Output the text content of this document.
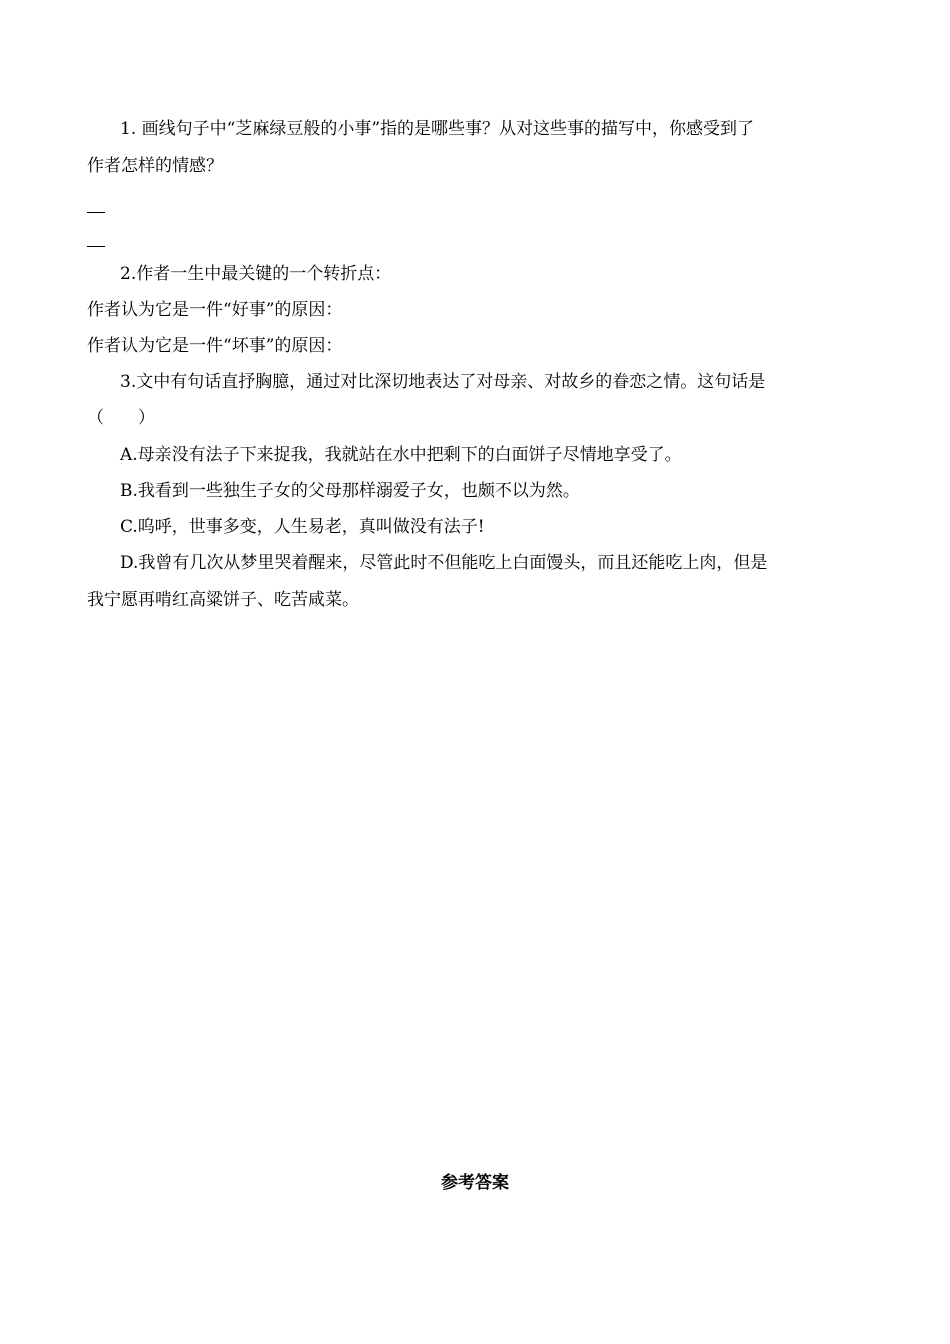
1. 画线句子中“芝麻绿豆般的小事”指的是哪些事？从对这些事的描写中，你感受到了
作者怎样的情感？
2.作者一生中最关键的一个转折点：
作者认为它是一件“好事”的原因：
作者认为它是一件“坏事”的原因：
3.文中有句话直抒胸臆，通过对比深切地表达了对母亲、对故乡的眷恋之情。这句话是
（　　）
A.母亲没有法子下来捉我，我就站在水中把剩下的白面饼子尽情地享受了。
B.我看到一些独生子女的父母那样溺爱子女，也颇不以为然。
C.呜呼，世事多变，人生易老，真叫做没有法子!
D.我曾有几次从梦里哭着醒来，尽管此时不但能吃上白面馒头，而且还能吃上肉，但是
我宁愿再啃红高粱饼子、吃苦咸菜。
参考答案
